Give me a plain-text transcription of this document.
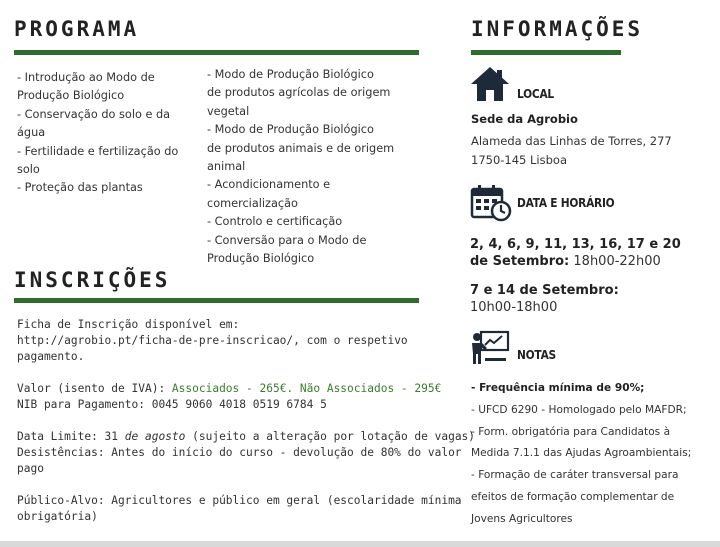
PROGRAMA
- Introdução ao Modo de
Produção Biológico
- Conservação do solo e da
água
- Fertilidade e fertilização do
solo
- Proteção das plantas
- Modo de Produção Biológico
de produtos agrícolas de origem
vegetal
- Modo de Produção Biológico
de produtos animais e de origem
animal
- Acondicionamento e
comercialização
- Controlo e certificação
- Conversão para o Modo de
Produção Biológico
INSCRIÇÕES
Ficha de Inscrição disponível em:
http://agrobio.pt/ficha-de-pre-inscricao/, com o respetivo
pagamento.
Valor (isento de IVA): Associados - 265€. Não Associados - 295€
NIB para Pagamento: 0045 9060 4018 0519 6784 5
Data Limite: 31 de agosto (sujeito a alteração por lotação de vagas)
Desistências: Antes do início do curso - devolução de 80% do valor
pago
Público-Alvo: Agricultores e público em geral (escolaridade mínima
obrigatória)
INFORMAÇÕES
LOCAL
Sede da Agrobio
Alameda das Linhas de Torres, 277
1750-145 Lisboa
DATA E HORÁRIO
2, 4, 6, 9, 11, 13, 16, 17 e 20
de Setembro: 18h00-22h00
7 e 14 de Setembro:
10h00-18h00
NOTAS
- Frequência mínima de 90%;
- UFCD 6290 - Homologado pelo MAFDR;
- Form. obrigatória para Candidatos à
Medida 7.1.1 das Ajudas Agroambientais;
- Formação de caráter transversal para
efeitos de formação complementar de
Jovens Agricultores
